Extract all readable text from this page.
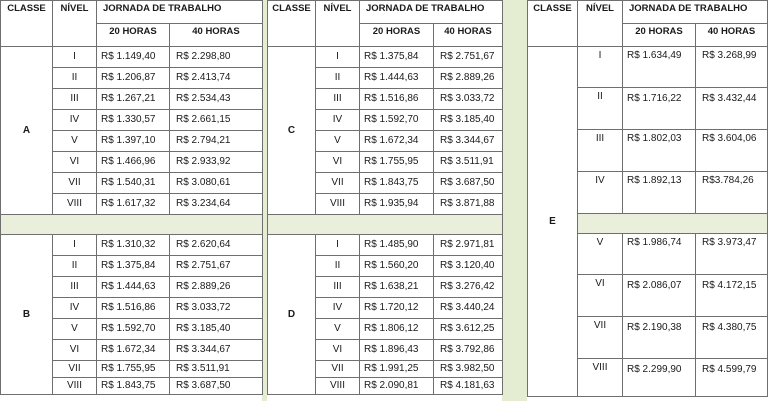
CLASSE	NÍVEL	JORNADA DE TRABALHO	
		20 HORAS	40 HORAS
A	I	R$ 1.149,40	R$ 2.298,80
	II	R$ 1.206,87	R$ 2.413,74
	III	R$ 1.267,21	R$ 2.534,43
	IV	R$ 1.330,57	R$ 2.661,15
	V	R$ 1.397,10	R$ 2.794,21
	VI	R$ 1.466,96	R$ 2.933,92
	VII	R$ 1.540,31	R$ 3.080,61
	VIII	R$ 1.617,32	R$ 3.234,64

B	I	R$ 1.310,32	R$ 2.620,64
	II	R$ 1.375,84	R$ 2.751,67
	III	R$ 1.444,63	R$ 2.889,26
	IV	R$ 1.516,86	R$ 3.033,72
	V	R$ 1.592,70	R$ 3.185,40
	VI	R$ 1.672,34	R$ 3.344,67
	VII	R$ 1.755,95	R$ 3.511,91
	VIII	R$ 1.843,75	R$ 3.687,50
CLASSE	NÍVEL	JORNADA DE TRABALHO	
		20 HORAS	40 HORAS
C	I	R$ 1.375,84	R$ 2.751,67
	II	R$ 1.444,63	R$ 2.889,26
	III	R$ 1.516,86	R$ 3.033,72
	IV	R$ 1.592,70	R$ 3.185,40
	V	R$ 1.672,34	R$ 3.344,67
	VI	R$ 1.755,95	R$ 3.511,91
	VII	R$ 1.843,75	R$ 3.687,50
	VIII	R$ 1.935,94	R$ 3.871,88

D	I	R$ 1.485,90	R$ 2.971,81
	II	R$ 1.560,20	R$ 3.120,40
	III	R$ 1.638,21	R$ 3.276,42
	IV	R$ 1.720,12	R$ 3.440,24
	V	R$ 1.806,12	R$ 3.612,25
	VI	R$ 1.896,43	R$ 3.792,86
	VII	R$ 1.991,25	R$ 3.982,50
	VIII	R$ 2.090,81	R$ 4.181,63
CLASSE	NÍVEL	JORNADA DE TRABALHO	
		20 HORAS	40 HORAS
E	I	R$ 1.634,49	R$ 3.268,99
	II	R$ 1.716,22	R$ 3.432,44
	III	R$ 1.802,03	R$ 3.604,06
	IV	R$ 1.892,13	R$3.784,26

	V	R$ 1.986,74	R$ 3.973,47
	VI	R$ 2.086,07	R$ 4.172,15
	VII	R$ 2.190,38	R$ 4.380,75
	VIII	R$ 2.299,90	R$ 4.599,79
